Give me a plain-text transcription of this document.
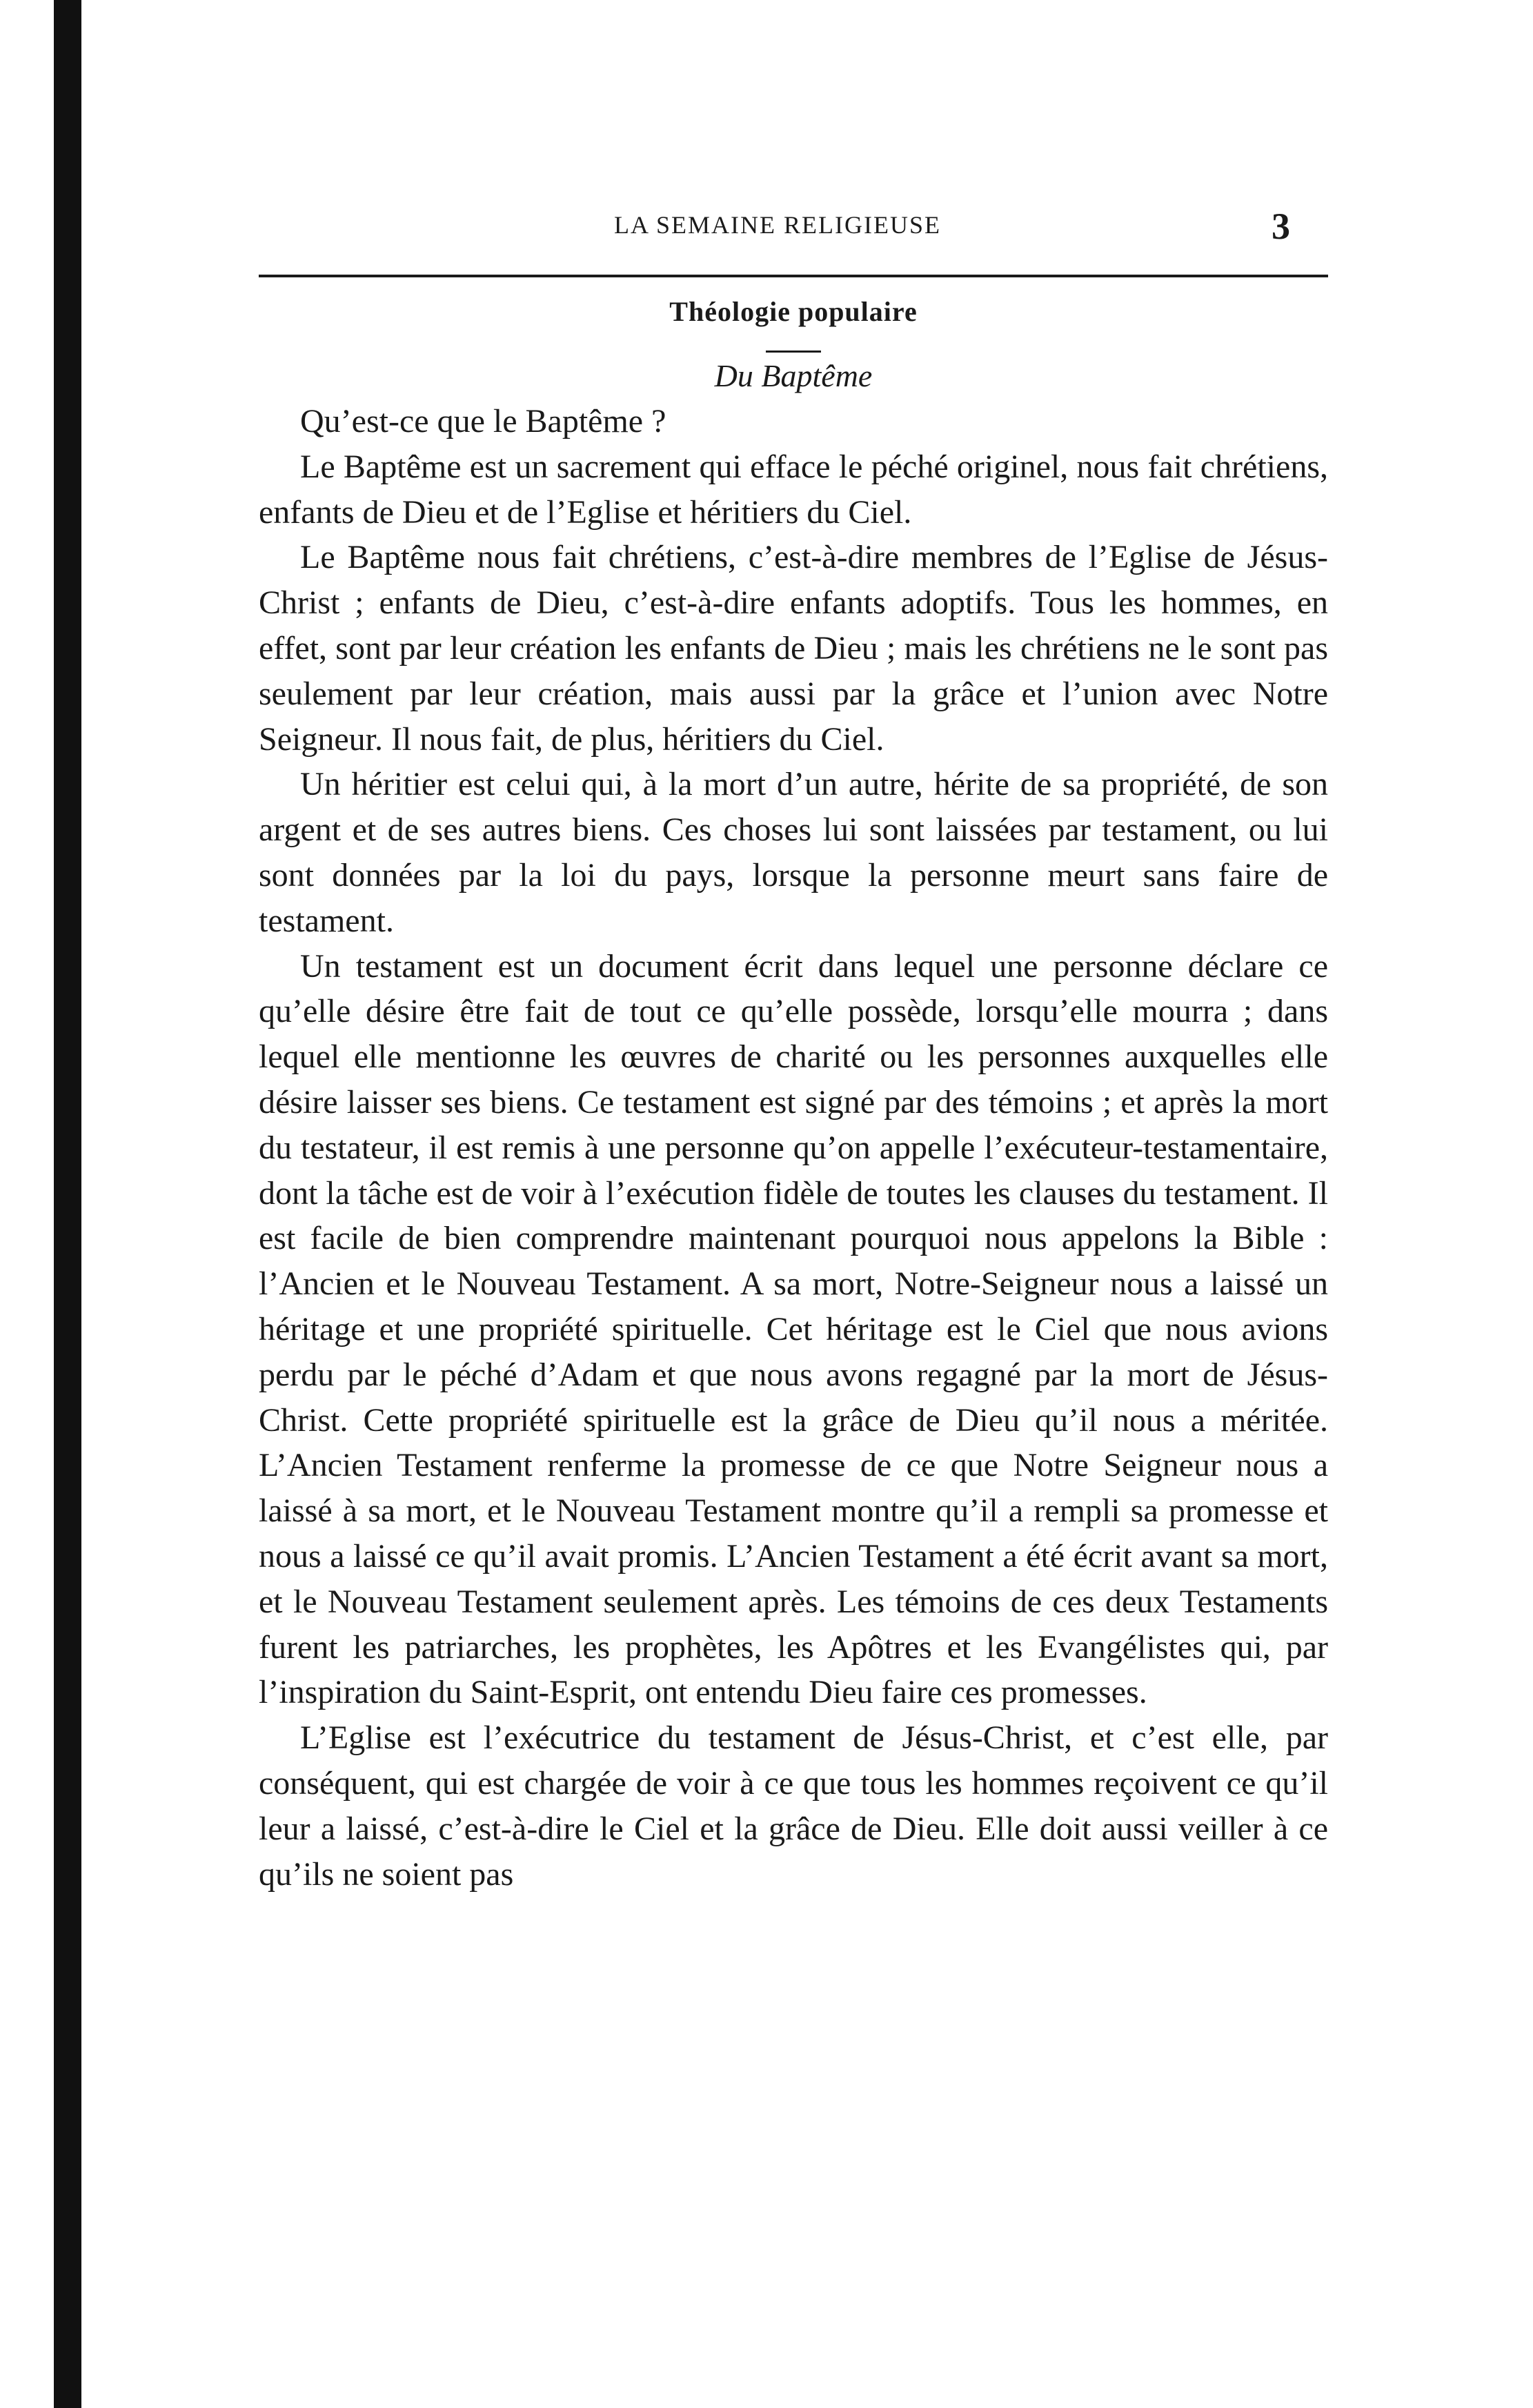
LA SEMAINE RELIGIEUSE	3
Théologie populaire
Du Baptême

Qu’est-ce que le Baptême ?

Le Baptême est un sacrement qui efface le péché originel, nous fait chrétiens, enfants de Dieu et de l’Eglise et héritiers du Ciel.

Le Baptême nous fait chrétiens, c’est-à-dire membres de l’Eglise de Jésus-Christ ; enfants de Dieu, c’est-à-dire enfants adoptifs. Tous les hommes, en effet, sont par leur création les enfants de Dieu ; mais les chrétiens ne le sont pas seulement par leur création, mais aussi par la grâce et l’union avec Notre Seigneur. Il nous fait, de plus, héritiers du Ciel.

Un héritier est celui qui, à la mort d’un autre, hérite de sa propriété, de son argent et de ses autres biens. Ces choses lui sont laissées par testament, ou lui sont données par la loi du pays, lorsque la personne meurt sans faire de testament.

Un testament est un document écrit dans lequel une personne déclare ce qu’elle désire être fait de tout ce qu’elle possède, lorsqu’elle mourra ; dans lequel elle mentionne les œuvres de charité ou les personnes auxquelles elle désire laisser ses biens. Ce testament est signé par des témoins ; et après la mort du testateur, il est remis à une personne qu’on appelle l’exécuteur-testamentaire, dont la tâche est de voir à l’exécution fidèle de toutes les clauses du testament. Il est facile de bien comprendre maintenant pourquoi nous appelons la Bible : l’Ancien et le Nouveau Testament. A sa mort, Notre-Seigneur nous a laissé un héritage et une propriété spirituelle. Cet héritage est le Ciel que nous avions perdu par le péché d’Adam et que nous avons regagné par la mort de Jésus-Christ. Cette propriété spirituelle est la grâce de Dieu qu’il nous a méritée. L’Ancien Testament renferme la promesse de ce que Notre Seigneur nous a laissé à sa mort, et le Nouveau Testament montre qu’il a rempli sa promesse et nous a laissé ce qu’il avait promis. L’Ancien Testament a été écrit avant sa mort, et le Nouveau Testament seulement après. Les témoins de ces deux Testaments furent les patriarches, les prophètes, les Apôtres et les Evangélistes qui, par l’inspiration du Saint-Esprit, ont entendu Dieu faire ces promesses.

L’Eglise est l’exécutrice du testament de Jésus-Christ, et c’est elle, par conséquent, qui est chargée de voir à ce que tous les hommes reçoivent ce qu’il leur a laissé, c’est-à-dire le Ciel et la grâce de Dieu. Elle doit aussi veiller à ce qu’ils ne soient pas
